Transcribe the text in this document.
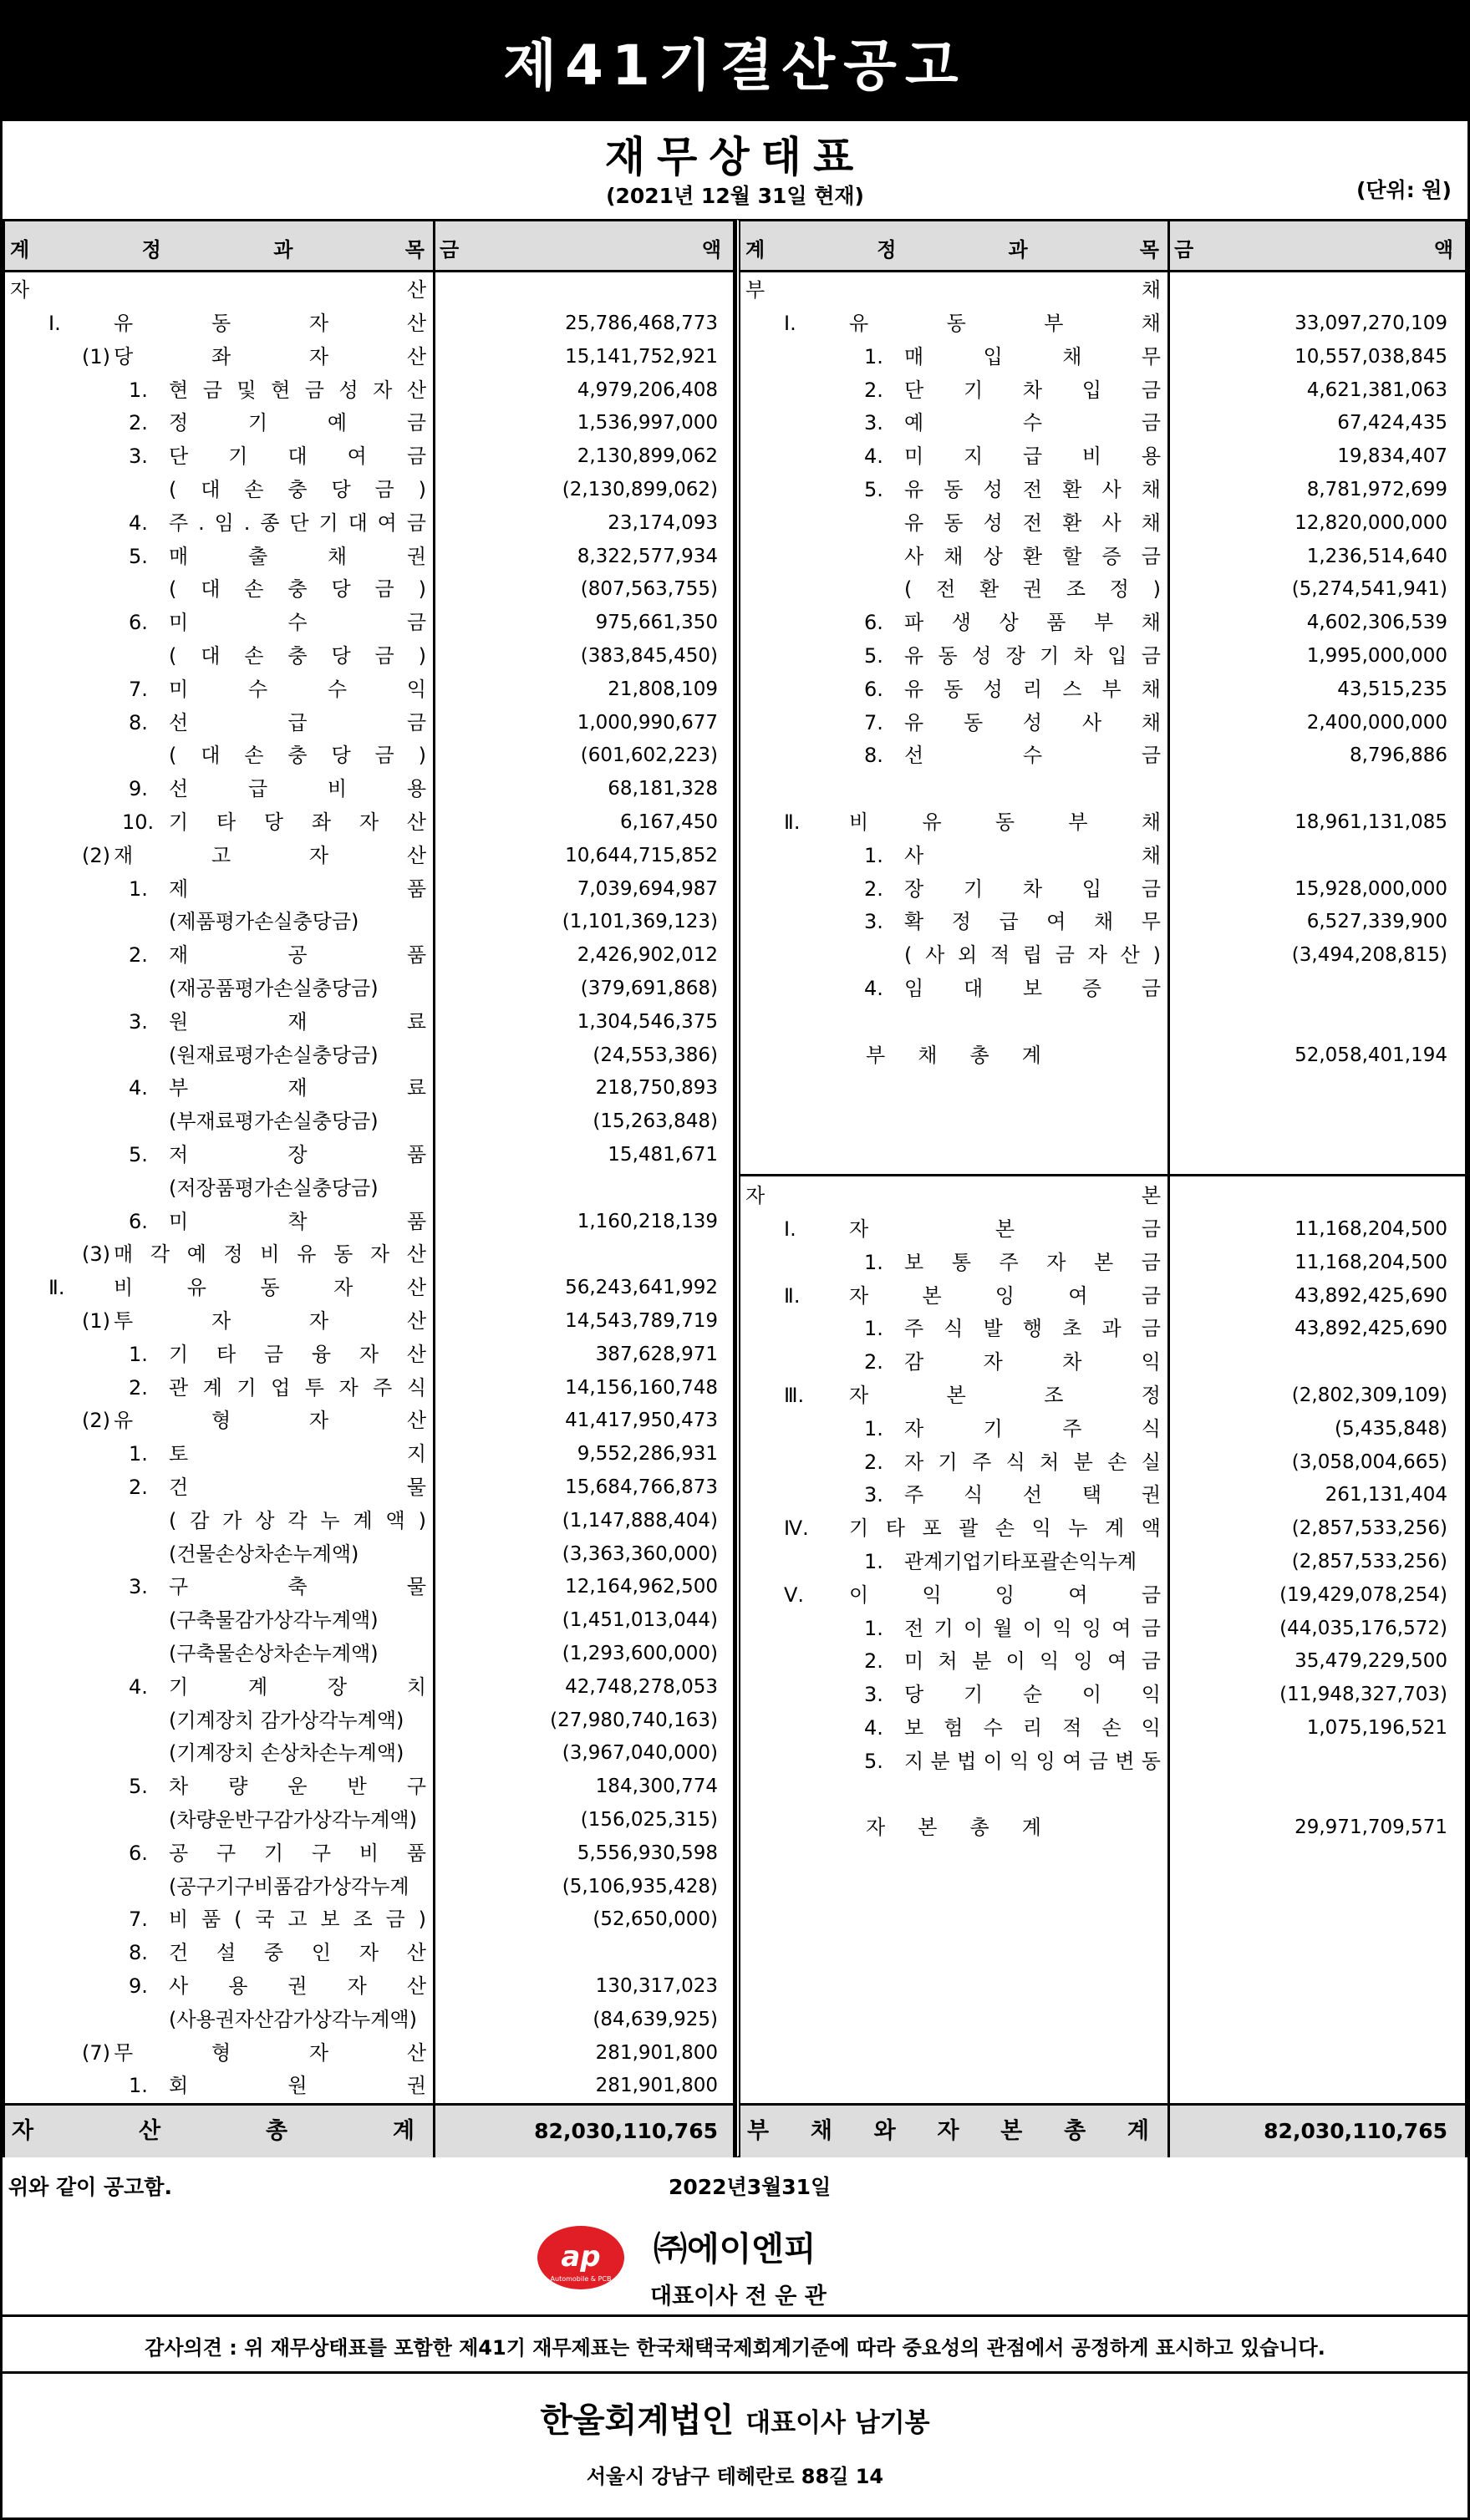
제41기결산공고
재무상태표
(2021년 12월 31일 현재)	(단위: 원)
계	정	과	목 금	액
자	산
Ⅰ.	유	동	자	산	25,786,468,773
(1) 당	좌	자	산	15,141,752,921
1. 현 금 및 현 금 성 자 산	4,979,206,408
2. 정	기	예	금	1,536,997,000
3. 단 기 대 여 금	2,130,899,062
( 대 손 충 당 금 )	(2,130,899,062)
4. 주 . 임 . 종 단 기 대 여 금	23,174,093
5. 매	출	채	권	8,322,577,934
( 대 손 충 당 금 )	(807,563,755)
6. 미	수	금	975,661,350
( 대 손 충 당 금 )	(383,845,450)
7. 미	수	수	익	21,808,109
8. 선	급	금	1,000,990,677
( 대 손 충 당 금 )	(601,602,223)
9. 선	급	비	용	68,181,328
10. 기 타 당 좌 자 산	6,167,450
(2) 재	고	자	산	10,644,715,852
1. 제	품	7,039,694,987
(제품평가손실충당금)	(1,101,369,123)
2. 재	공	품	2,426,902,012
(재공품평가손실충당금)	(379,691,868)
3. 원	재	료	1,304,546,375
(원재료평가손실충당금)	(24,553,386)
4. 부	재	료	218,750,893
(부재료평가손실충당금)	(15,263,848)
5. 저	장	품	15,481,671
(저장품평가손실충당금)
6. 미	착	품	1,160,218,139
(3) 매 각 예 정 비 유 동 자 산
Ⅱ. 비	유	동	자	산	56,243,641,992
(1) 투	자	자	산	14,543,789,719
1. 기 타 금 융 자 산	387,628,971
2. 관 계 기 업 투 자 주 식	14,156,160,748
(2) 유	형	자	산	41,417,950,473
1. 토	지	9,552,286,931
2. 건	물	15,684,766,873
( 감 가 상 각 누 계 액 )	(1,147,888,404)
(건물손상차손누계액)	(3,363,360,000)
3. 구	축	물	12,164,962,500
(구축물감가상각누계액)	(1,451,013,044)
(구축물손상차손누계액)	(1,293,600,000)
4. 기	계	장	치	42,748,278,053
(기계장치 감가상각누계액)	(27,980,740,163)
(기계장치 손상차손누계액)	(3,967,040,000)
5. 차 량 운 반 구	184,300,774
(차량운반구감가상각누계액)	(156,025,315)
6. 공 구 기 구 비 품	5,556,930,598
(공구기구비품감가상각누계	(5,106,935,428)
7. 비 품 ( 국 고 보 조 금 )	(52,650,000)
8. 건 설 중 인 자 산
9. 사 용 권 자 산	130,317,023
(사용권자산감가상각누계액)	(84,639,925)
(7) 무	형	자	산	281,901,800
1. 회	원	권	281,901,800
자	산	총	계	82,030,110,765
계	정	과	목 금	액
부	채
Ⅰ.	유	동	부	채	33,097,270,109
1. 매	입	채	무	10,557,038,845
2. 단 기 차 입 금	4,621,381,063
3. 예	수	금	67,424,435
4. 미 지 급 비 용	19,834,407
5. 유 동 성 전 환 사 채	8,781,972,699
유 동 성 전 환 사 채	12,820,000,000
사 채 상 환 할 증 금	1,236,514,640
( 전 환 권 조 정 )	(5,274,541,941)
6. 파 생 상 품 부 채	4,602,306,539
5. 유 동 성 장 기 차 입 금	1,995,000,000
6. 유 동 성 리 스 부 채	43,515,235
7. 유 동 성 사 채	2,400,000,000
8. 선	수	금	8,796,886
Ⅱ. 비	유	동	부	채	18,961,131,085
1. 사	채
2. 장 기 차 입 금	15,928,000,000
3. 확 정 급 여 채 무	6,527,339,900
( 사 외 적 립 금 자 산 )	(3,494,208,815)
4. 임 대 보 증 금
부 채 총 계	52,058,401,194
자	본
Ⅰ.	자	본	금	11,168,204,500
1. 보 통 주 자 본 금	11,168,204,500
Ⅱ. 자	본	잉	여	금	43,892,425,690
1. 주 식 발 행 초 과 금	43,892,425,690
2. 감	자	차	익
Ⅲ. 자	본	조	정	(2,802,309,109)
1. 자	기	주	식	(5,435,848)
2. 자 기 주 식 처 분 손 실	(3,058,004,665)
3. 주 식 선 택 권	261,131,404
Ⅳ. 기 타 포 괄 손 익 누 계 액	(2,857,533,256)
1. 관계기업기타포괄손익누계	(2,857,533,256)
Ⅴ. 이	익	잉	여	금	(19,429,078,254)
1. 전 기 이 월 이 익 잉 여 금	(44,035,176,572)
2. 미 처 분 이 익 잉 여 금	35,479,229,500
3. 당 기 순 이 익	(11,948,327,703)
4. 보 험 수 리 적 손 익	1,075,196,521
5. 지 분 법 이 익 잉 여 금 변 동
자 본 총 계	29,971,709,571
부 채 와 자 본 총 계	82,030,110,765
위와 같이 공고함.	2022년3월31일
ap
Automobile & PCB
㈜에이엔피
대표이사 전 운 관
감사의견 : 위 재무상태표를 포함한 제41기 재무제표는 한국채택국제회계기준에 따라 중요성의 관점에서 공정하게 표시하고 있습니다.
한울회계법인 대표이사 남기봉
서울시 강남구 테헤란로 88길 14
